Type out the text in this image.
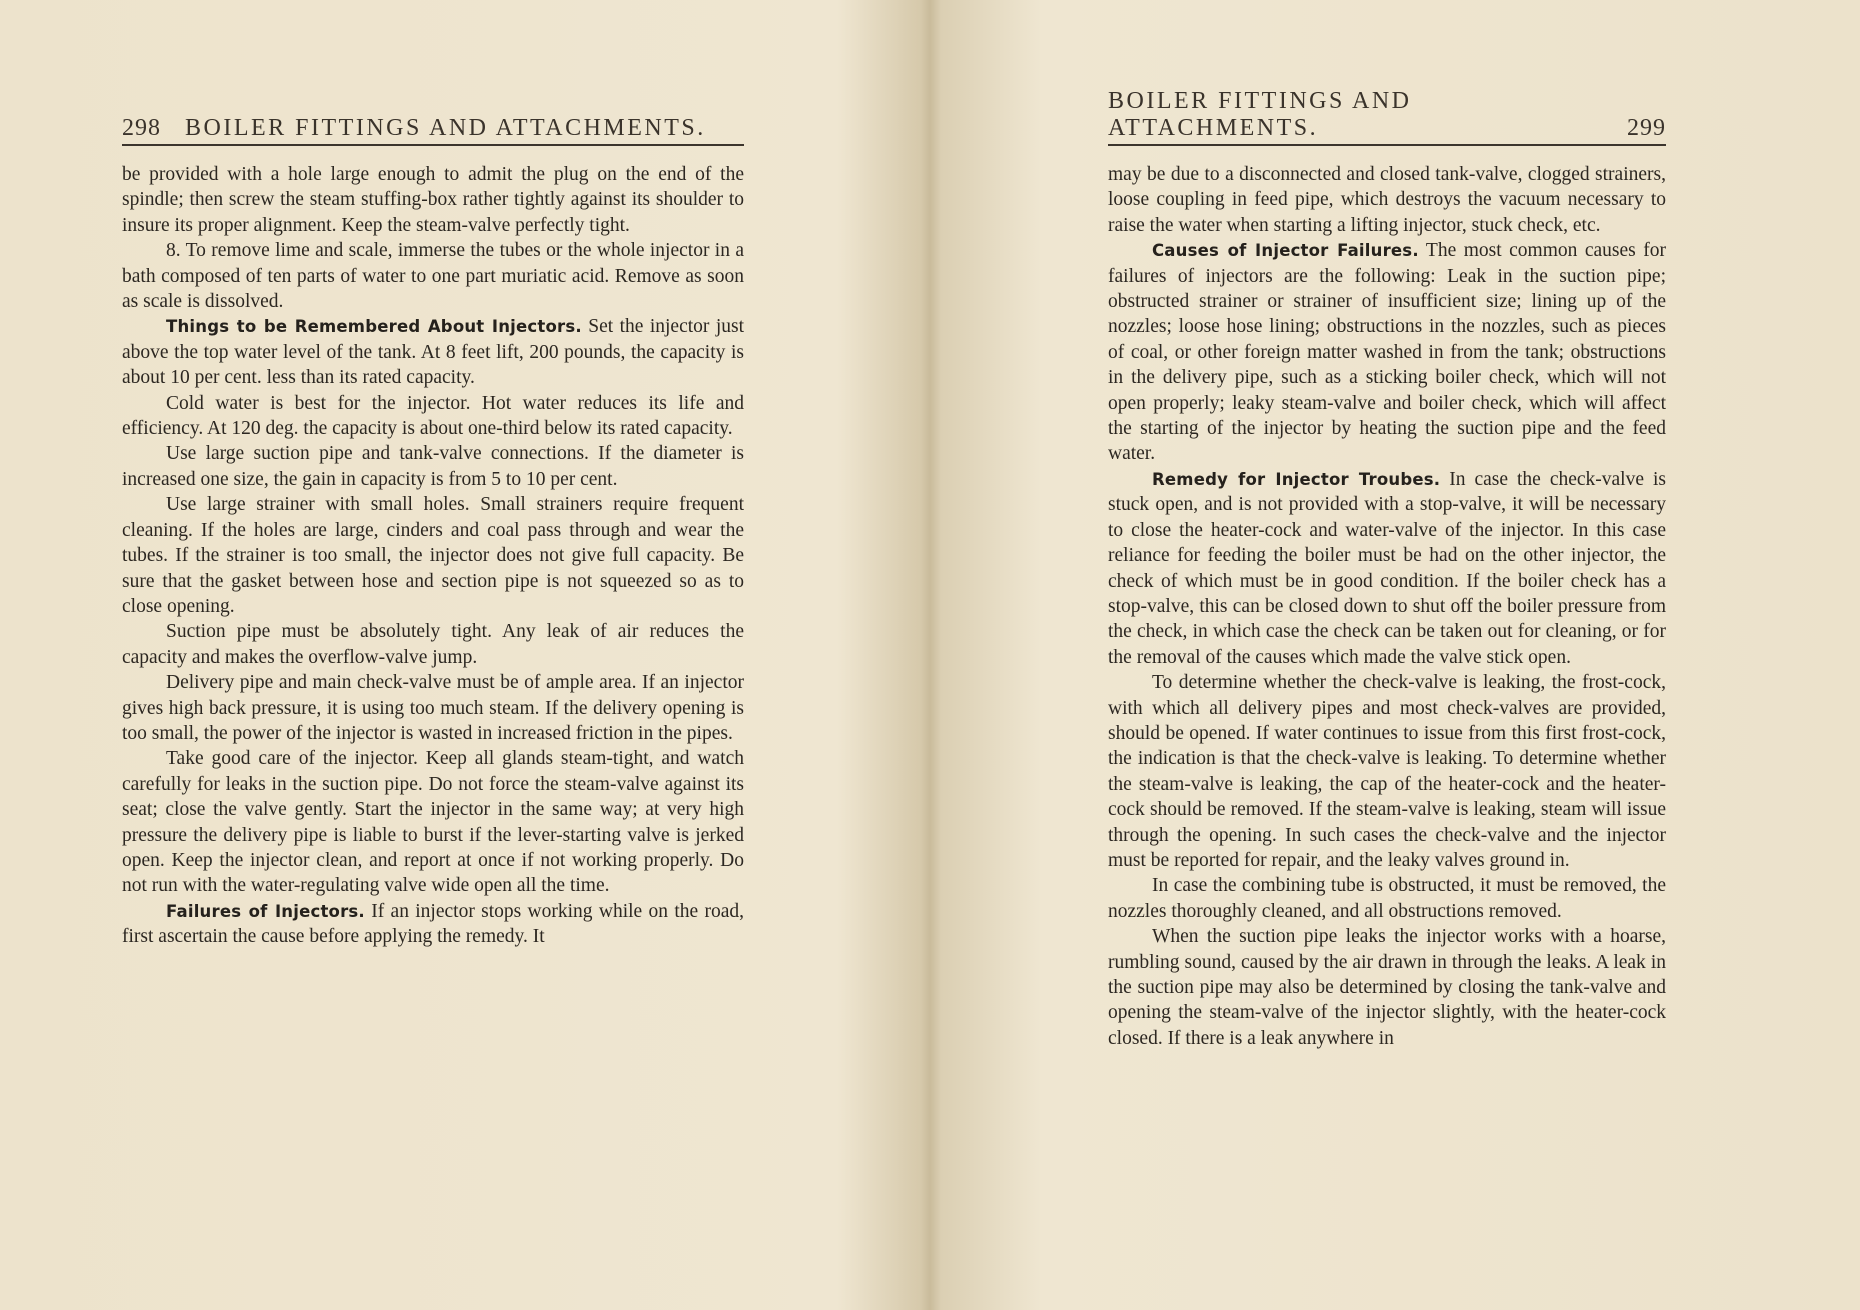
298 BOILER FITTINGS AND ATTACHMENTS.

be provided with a hole large enough to admit the plug on the end of the spindle; then screw the steam stuffing-box rather tightly against its shoulder to insure its proper alignment. Keep the steam-valve perfectly tight.

8. To remove lime and scale, immerse the tubes or the whole injector in a bath composed of ten parts of water to one part muriatic acid. Remove as soon as scale is dissolved.

Things to be Remembered About Injectors. Set the injector just above the top water level of the tank. At 8 feet lift, 200 pounds, the capacity is about 10 per cent. less than its rated capacity.

Cold water is best for the injector. Hot water reduces its life and efficiency. At 120 deg. the capacity is about one-third below its rated capacity.

Use large suction pipe and tank-valve connections. If the diameter is increased one size, the gain in capacity is from 5 to 10 per cent.

Use large strainer with small holes. Small strainers require frequent cleaning. If the holes are large, cinders and coal pass through and wear the tubes. If the strainer is too small, the injector does not give full capacity. Be sure that the gasket between hose and section pipe is not squeezed so as to close opening.

Suction pipe must be absolutely tight. Any leak of air reduces the capacity and makes the overflow-valve jump.

Delivery pipe and main check-valve must be of ample area. If an injector gives high back pressure, it is using too much steam. If the delivery opening is too small, the power of the injector is wasted in increased friction in the pipes.

Take good care of the injector. Keep all glands steam-tight, and watch carefully for leaks in the suction pipe. Do not force the steam-valve against its seat; close the valve gently. Start the injector in the same way; at very high pressure the delivery pipe is liable to burst if the lever-starting valve is jerked open. Keep the injector clean, and report at once if not working properly. Do not run with the water-regulating valve wide open all the time.

Failures of Injectors. If an injector stops working while on the road, first ascertain the cause before applying the remedy. It

BOILER FITTINGS AND ATTACHMENTS.	299

may be due to a disconnected and closed tank-valve, clogged strainers, loose coupling in feed pipe, which destroys the vacuum necessary to raise the water when starting a lifting injector, stuck check, etc.

Causes of Injector Failures. The most common causes for failures of injectors are the following: Leak in the suction pipe; obstructed strainer or strainer of insufficient size; lining up of the nozzles; loose hose lining; obstructions in the nozzles, such as pieces of coal, or other foreign matter washed in from the tank; obstructions in the delivery pipe, such as a sticking boiler check, which will not open properly; leaky steam-valve and boiler check, which will affect the starting of the injector by heating the suction pipe and the feed water.

Remedy for Injector Troubes. In case the check-valve is stuck open, and is not provided with a stop-valve, it will be necessary to close the heater-cock and water-valve of the injector. In this case reliance for feeding the boiler must be had on the other injector, the check of which must be in good condition. If the boiler check has a stop-valve, this can be closed down to shut off the boiler pressure from the check, in which case the check can be taken out for cleaning, or for the removal of the causes which made the valve stick open.

To determine whether the check-valve is leaking, the frost-cock, with which all delivery pipes and most check-valves are provided, should be opened. If water continues to issue from this first frost-cock, the indication is that the check-valve is leaking. To determine whether the steam-valve is leaking, the cap of the heater-cock and the heater-cock should be removed. If the steam-valve is leaking, steam will issue through the opening. In such cases the check-valve and the injector must be reported for repair, and the leaky valves ground in.

In case the combining tube is obstructed, it must be removed, the nozzles thoroughly cleaned, and all obstructions removed.

When the suction pipe leaks the injector works with a hoarse, rumbling sound, caused by the air drawn in through the leaks. A leak in the suction pipe may also be determined by closing the tank-valve and opening the steam-valve of the injector slightly, with the heater-cock closed. If there is a leak anywhere in
